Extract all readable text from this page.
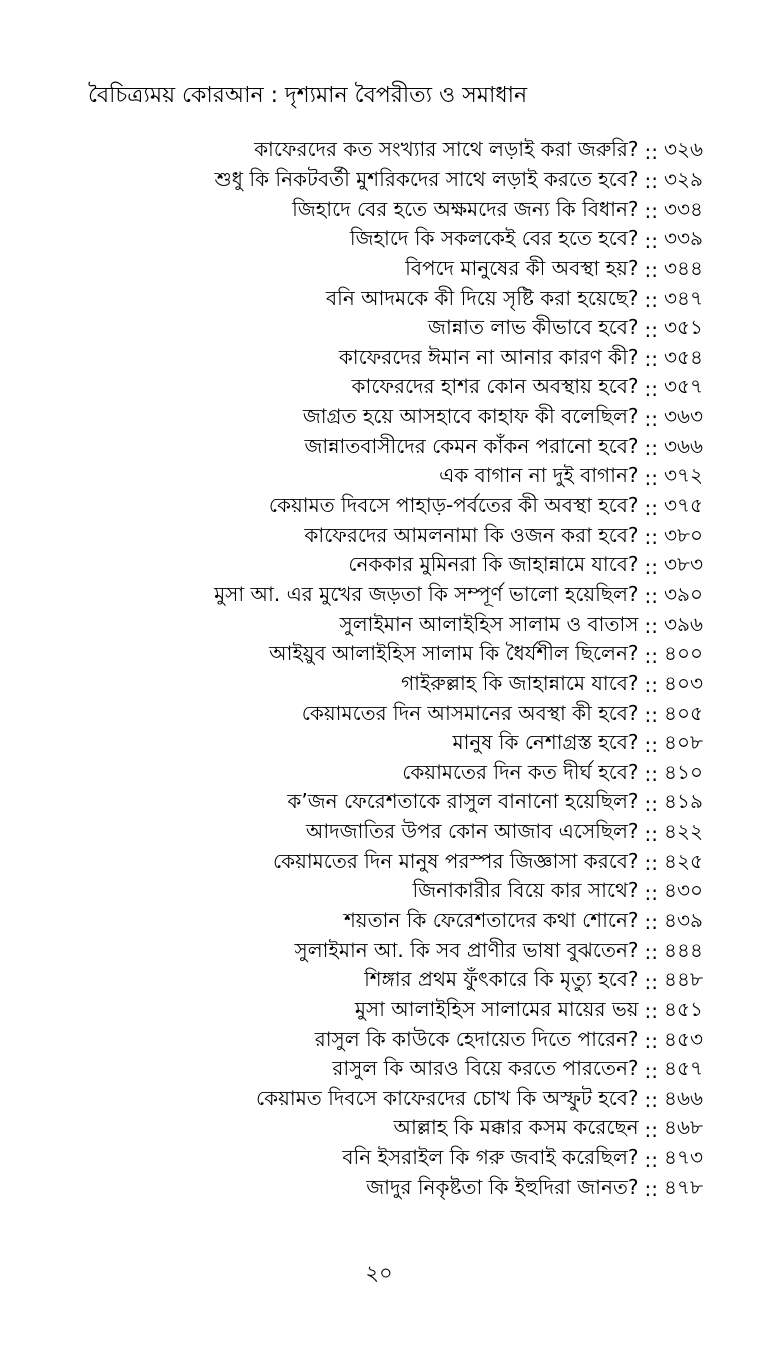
বৈচিত্র্যময় কোরআন : দৃশ্যমান বৈপরীত্য ও সমাধান
কাফেরদের কত সংখ্যার সাথে লড়াই করা জরুরি? :: ৩২৬
শুধু কি নিকটবর্তী মুশরিকদের সাথে লড়াই করতে হবে? :: ৩২৯
জিহাদে বের হতে অক্ষমদের জন্য কি বিধান? :: ৩৩৪
জিহাদে কি সকলকেই বের হতে হবে? :: ৩৩৯
বিপদে মানুষের কী অবস্থা হয়? :: ৩৪৪
বনি আদমকে কী দিয়ে সৃষ্টি করা হয়েছে? :: ৩৪৭
জান্নাত লাভ কীভাবে হবে? :: ৩৫১
কাফেরদের ঈমান না আনার কারণ কী? :: ৩৫৪
কাফেরদের হাশর কোন অবস্থায় হবে? :: ৩৫৭
জাগ্রত হয়ে আসহাবে কাহাফ কী বলেছিল? :: ৩৬৩
জান্নাতবাসীদের কেমন কাঁকন পরানো হবে? :: ৩৬৬
এক বাগান না দুই বাগান? :: ৩৭২
কেয়ামত দিবসে পাহাড়-পর্বতের কী অবস্থা হবে? :: ৩৭৫
কাফেরদের আমলনামা কি ওজন করা হবে? :: ৩৮০
নেককার মুমিনরা কি জাহান্নামে যাবে? :: ৩৮৩
মুসা আ. এর মুখের জড়তা কি সম্পূর্ণ ভালো হয়েছিল? :: ৩৯০
সুলাইমান আলাইহিস সালাম ও বাতাস :: ৩৯৬
আইয়ুব আলাইহিস সালাম কি ধৈর্যশীল ছিলেন? :: ৪০০
গাইরুল্লাহ কি জাহান্নামে যাবে? :: ৪০৩
কেয়ামতের দিন আসমানের অবস্থা কী হবে? :: ৪০৫
মানুষ কি নেশাগ্রস্ত হবে? :: ৪০৮
কেয়ামতের দিন কত দীর্ঘ হবে? :: ৪১০
ক’জন ফেরেশতাকে রাসুল বানানো হয়েছিল? :: ৪১৯
আদজাতির উপর কোন আজাব এসেছিল? :: ৪২২
কেয়ামতের দিন মানুষ পরস্পর জিজ্ঞাসা করবে? :: ৪২৫
জিনাকারীর বিয়ে কার সাথে? :: ৪৩০
শয়তান কি ফেরেশতাদের কথা শোনে? :: ৪৩৯
সুলাইমান আ. কি সব প্রাণীর ভাষা বুঝতেন? :: ৪৪৪
শিঙ্গার প্রথম ফুঁৎকারে কি মৃত্যু হবে? :: ৪৪৮
মুসা আলাইহিস সালামের মায়ের ভয় :: ৪৫১
রাসুল কি কাউকে হেদায়েত দিতে পারেন? :: ৪৫৩
রাসুল কি আরও বিয়ে করতে পারতেন? :: ৪৫৭
কেয়ামত দিবসে কাফেরদের চোখ কি অস্ফুট হবে? :: ৪৬৬
আল্লাহ কি মক্কার কসম করেছেন :: ৪৬৮
বনি ইসরাইল কি গরু জবাই করেছিল? :: ৪৭৩
জাদুর নিকৃষ্টতা কি ইহুদিরা জানত? :: ৪৭৮
২০
